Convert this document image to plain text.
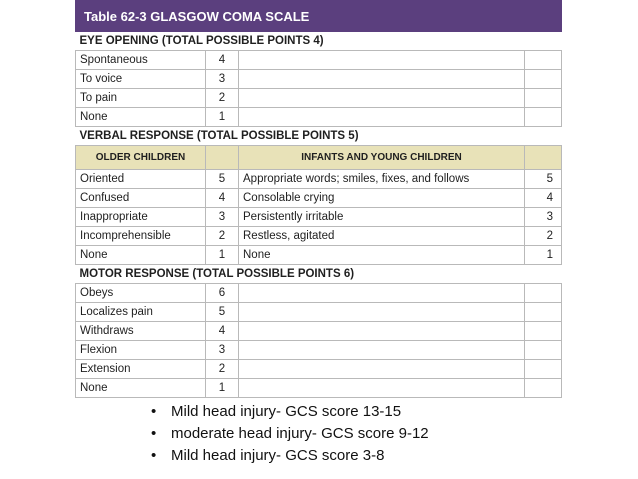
Table 62-3 GLASGOW COMA SCALE			
EYE OPENING (TOTAL POSSIBLE POINTS 4)			
Spontaneous	4		
To voice	3		
To pain	2		
None	1		
VERBAL RESPONSE (TOTAL POSSIBLE POINTS 5)			
OLDER CHILDREN		INFANTS AND YOUNG CHILDREN	
Oriented	5	Appropriate words; smiles, fixes, and follows	5
Confused	4	Consolable crying	4
Inappropriate	3	Persistently irritable	3
Incomprehensible	2	Restless, agitated	2
None	1	None	1
MOTOR RESPONSE (TOTAL POSSIBLE POINTS 6)			
Obeys	6		
Localizes pain	5		
Withdraws	4		
Flexion	3		
Extension	2		
None	1		
• Mild head injury- GCS score 13-15
• moderate head injury- GCS score 9-12
• Mild head injury- GCS score 3-8
